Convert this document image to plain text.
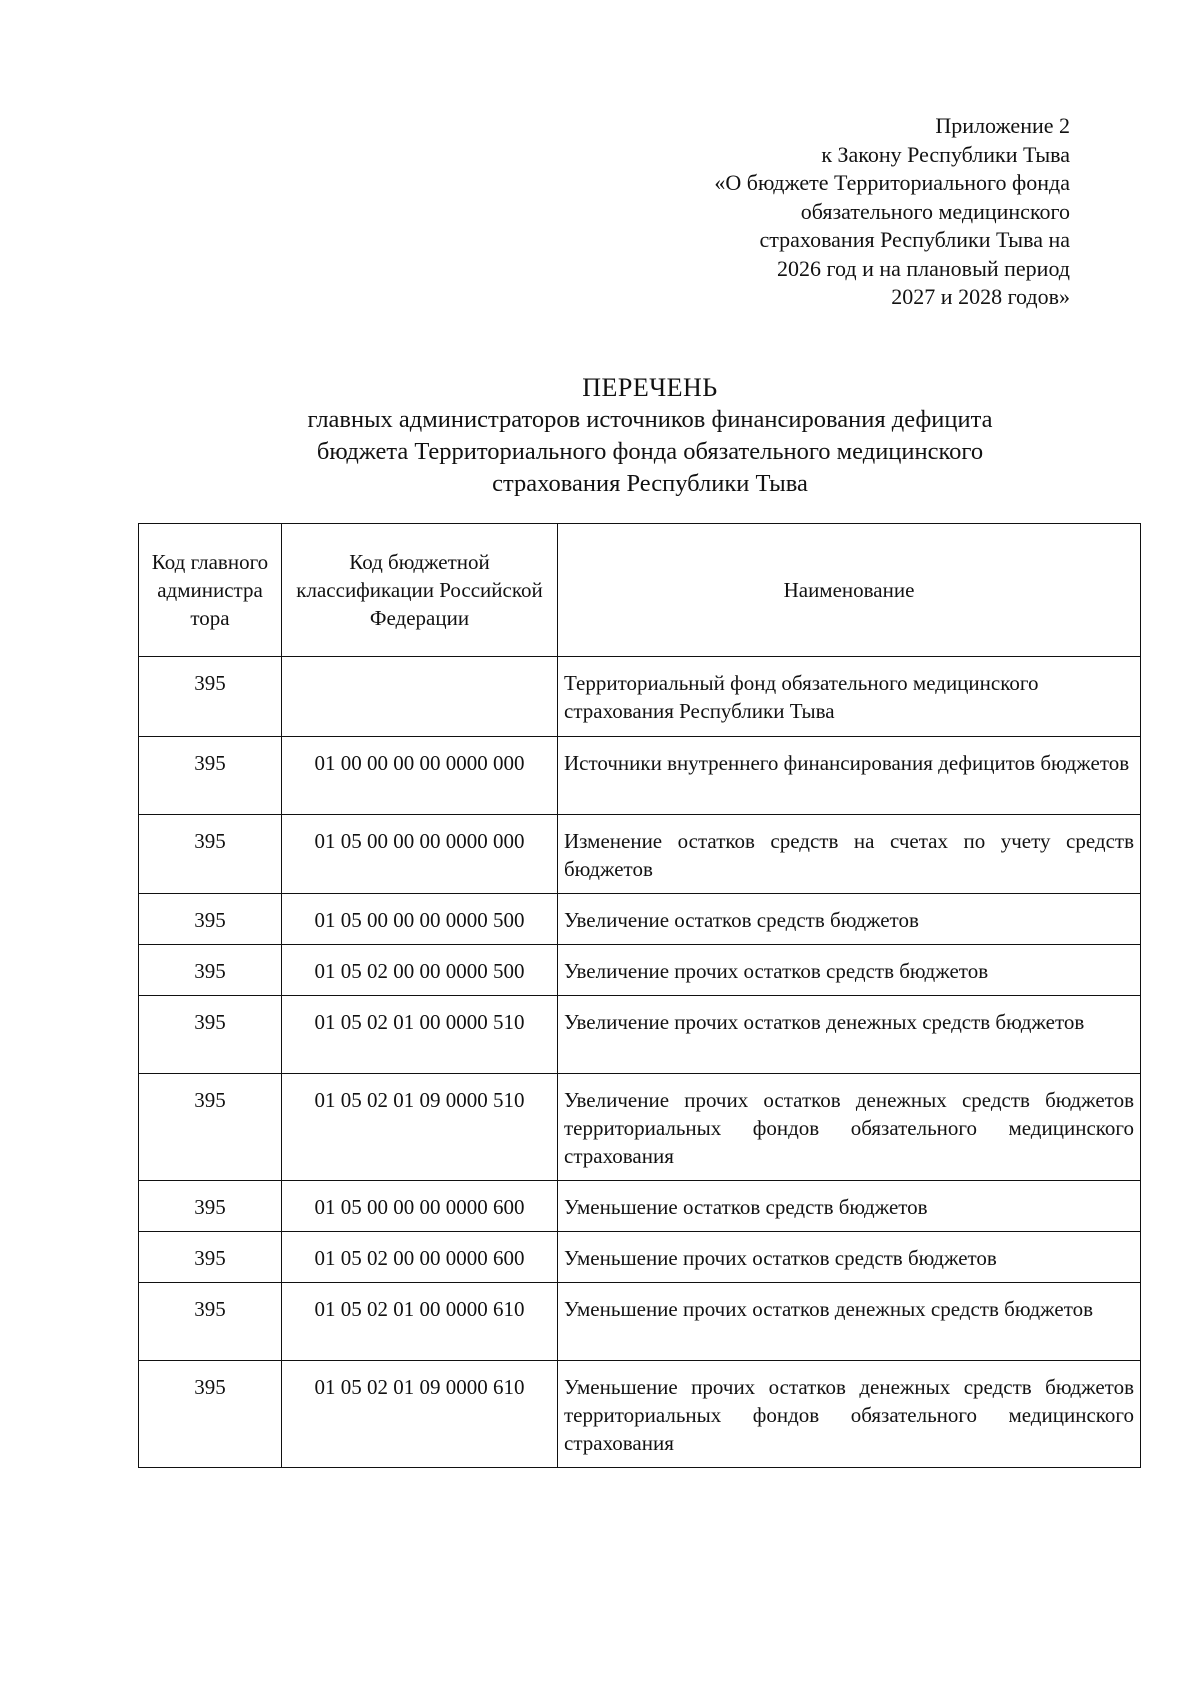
Приложение 2
к Закону Республики Тыва
«О бюджете Территориального фонда
обязательного медицинского
страхования Республики Тыва на
2026 год и на плановый период
2027 и 2028 годов»
ПЕРЕЧЕНЬ
главных администраторов источников финансирования дефицита
бюджета Территориального фонда обязательного медицинского
страхования Республики Тыва
Код главного администра тора	Код бюджетной классификации Российской Федерации	Наименование
395		Территориальный фонд обязательного медицинского страхования Республики Тыва
395	01 00 00 00 00 0000 000	Источники внутреннего финансирования дефицитов бюджетов
395	01 05 00 00 00 0000 000	Изменение остатков средств на счетах по учету средств бюджетов
395	01 05 00 00 00 0000 500	Увеличение остатков средств бюджетов
395	01 05 02 00 00 0000 500	Увеличение прочих остатков средств бюджетов
395	01 05 02 01 00 0000 510	Увеличение прочих остатков денежных средств бюджетов
395	01 05 02 01 09 0000 510	Увеличение прочих остатков денежных средств бюджетов территориальных фондов обязательного медицинского страхования
395	01 05 00 00 00 0000 600	Уменьшение остатков средств бюджетов
395	01 05 02 00 00 0000 600	Уменьшение прочих остатков средств бюджетов
395	01 05 02 01 00 0000 610	Уменьшение прочих остатков денежных средств бюджетов
395	01 05 02 01 09 0000 610	Уменьшение прочих остатков денежных средств бюджетов территориальных фондов обязательного медицинского страхования
